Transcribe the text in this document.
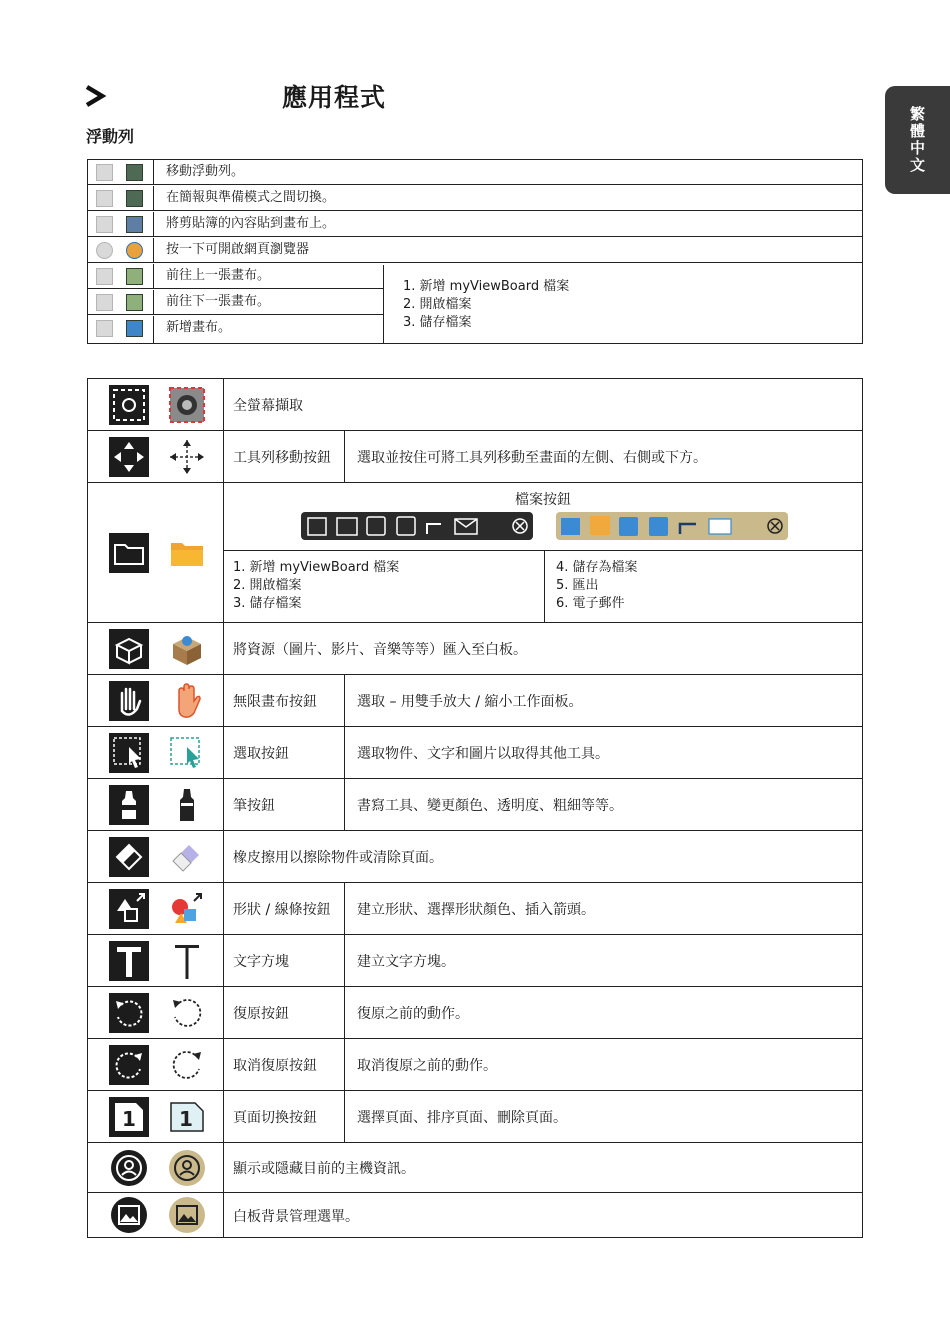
應用程式
浮動列	繁體中文
移動浮動列。
在簡報與準備模式之間切換。
將剪貼簿的內容貼到畫布上。
按一下可開啟網頁瀏覽器
前往上一張畫布。
前往下一張畫布。
新增畫布。
1. 新增 myViewBoard 檔案
2. 開啟檔案
3. 儲存檔案
全螢幕擷取
工具列移動按鈕 選取並按住可將工具列移動至畫面的左側、右側或下方。
檔案按鈕
1. 新增 myViewBoard 檔案
2. 開啟檔案
3. 儲存檔案
4. 儲存為檔案
5. 匯出
6. 電子郵件
將資源（圖片、影片、音樂等等）匯入至白板。
無限畫布按鈕	選取 – 用雙手放大 / 縮小工作面板。
選取按鈕	選取物件、文字和圖片以取得其他工具。
筆按鈕	書寫工具、變更顏色、透明度、粗細等等。
橡皮擦用以擦除物件或清除頁面。
形狀 / 線條按鈕 建立形狀、選擇形狀顏色、插入箭頭。
文字方塊	建立文字方塊。
復原按鈕	復原之前的動作。
取消復原按鈕	取消復原之前的動作。
1 1	頁面切換按鈕	選擇頁面、排序頁面、刪除頁面。
顯示或隱藏目前的主機資訊。
白板背景管理選單。
